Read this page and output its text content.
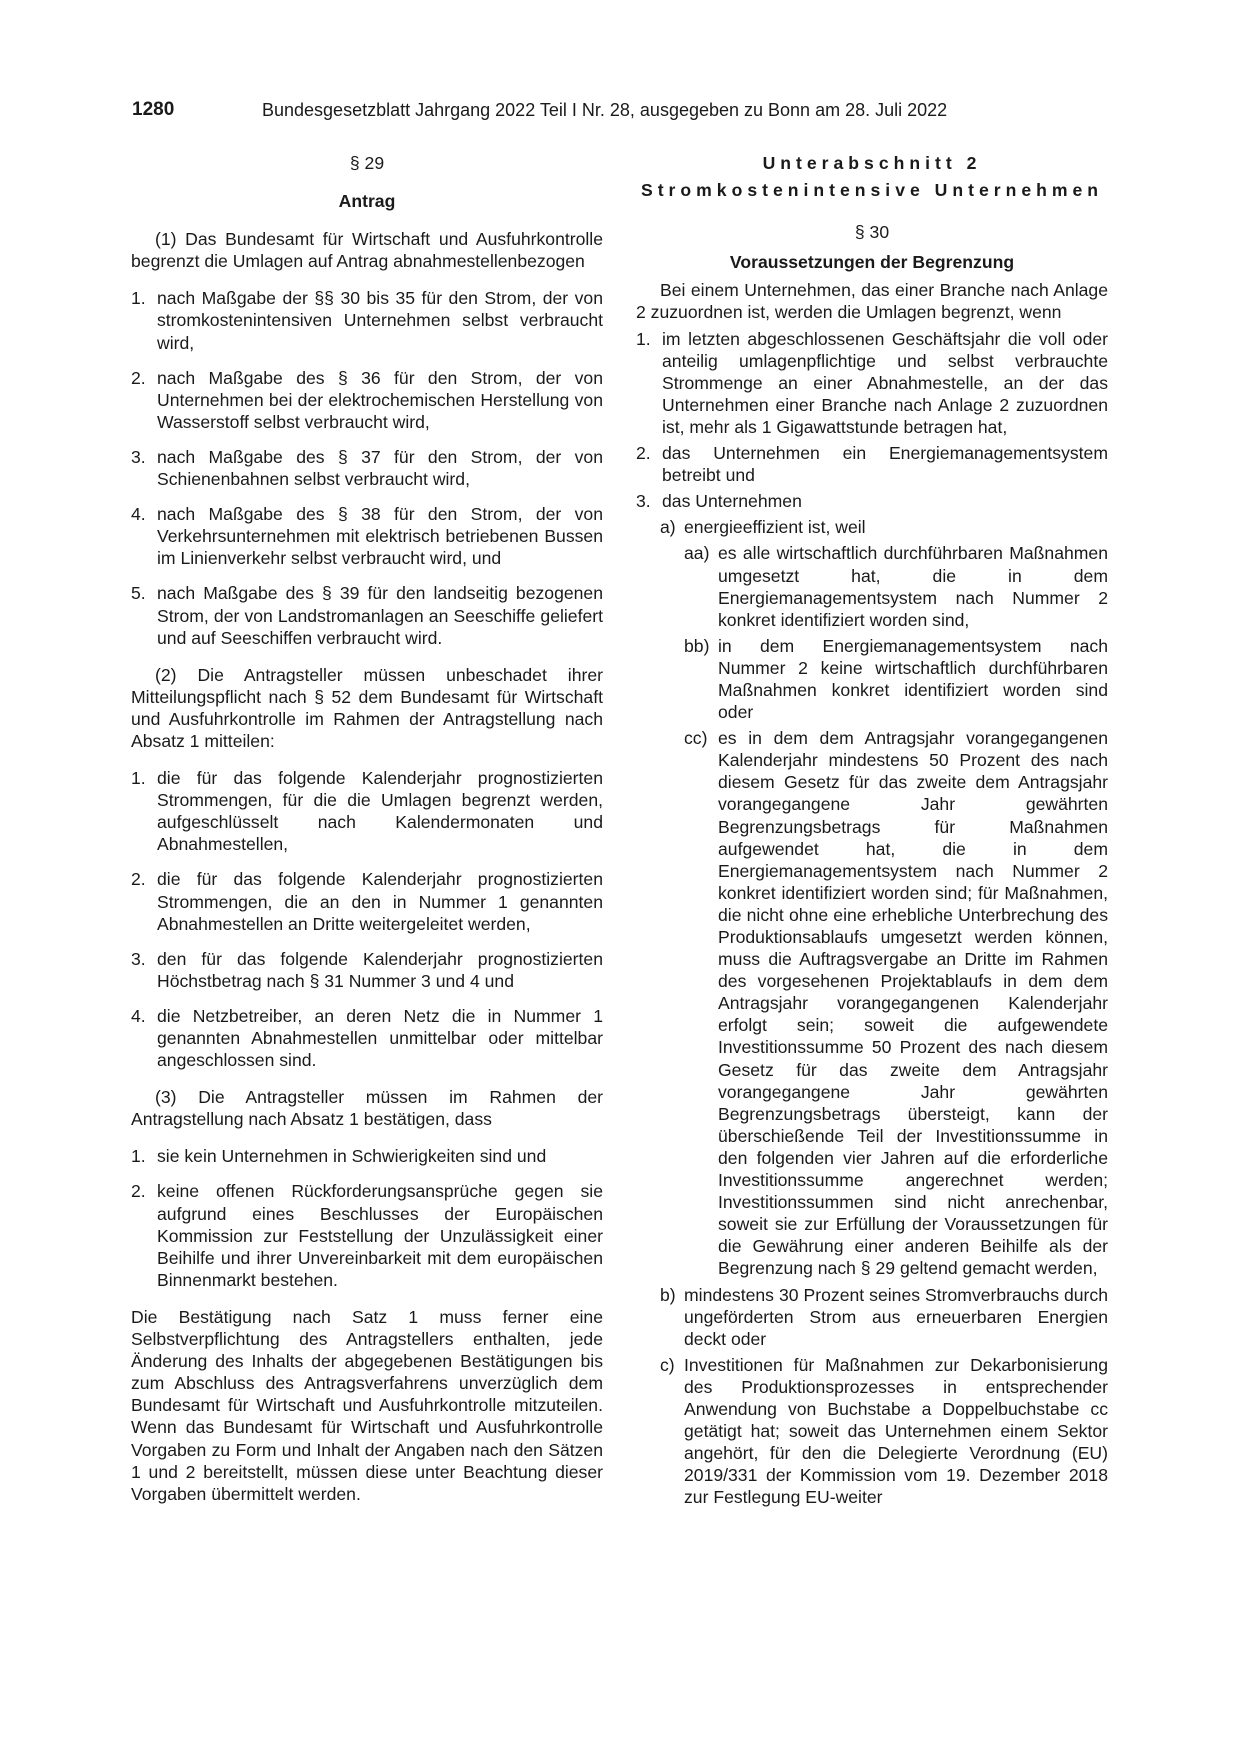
1280	Bundesgesetzblatt Jahrgang 2022 Teil I Nr. 28, ausgegeben zu Bonn am 28. Juli 2022

§ 29

Antrag

(1) Das Bundesamt für Wirtschaft und Ausfuhrkontrolle begrenzt die Umlagen auf Antrag abnahmestellenbezogen

1. nach Maßgabe der §§ 30 bis 35 für den Strom, der von stromkostenintensiven Unternehmen selbst verbraucht wird,
2. nach Maßgabe des § 36 für den Strom, der von Unternehmen bei der elektrochemischen Herstellung von Wasserstoff selbst verbraucht wird,
3. nach Maßgabe des § 37 für den Strom, der von Schienenbahnen selbst verbraucht wird,
4. nach Maßgabe des § 38 für den Strom, der von Verkehrsunternehmen mit elektrisch betriebenen Bussen im Linienverkehr selbst verbraucht wird, und
5. nach Maßgabe des § 39 für den landseitig bezogenen Strom, der von Landstromanlagen an Seeschiffe geliefert und auf Seeschiffen verbraucht wird.

(2) Die Antragsteller müssen unbeschadet ihrer Mitteilungspflicht nach § 52 dem Bundesamt für Wirtschaft und Ausfuhrkontrolle im Rahmen der Antragstellung nach Absatz 1 mitteilen:

1. die für das folgende Kalenderjahr prognostizierten Strommengen, für die die Umlagen begrenzt werden, aufgeschlüsselt nach Kalendermonaten und Abnahmestellen,
2. die für das folgende Kalenderjahr prognostizierten Strommengen, die an den in Nummer 1 genannten Abnahmestellen an Dritte weitergeleitet werden,
3. den für das folgende Kalenderjahr prognostizierten Höchstbetrag nach § 31 Nummer 3 und 4 und
4. die Netzbetreiber, an deren Netz die in Nummer 1 genannten Abnahmestellen unmittelbar oder mittelbar angeschlossen sind.

(3) Die Antragsteller müssen im Rahmen der Antragstellung nach Absatz 1 bestätigen, dass

1. sie kein Unternehmen in Schwierigkeiten sind und
2. keine offenen Rückforderungsansprüche gegen sie aufgrund eines Beschlusses der Europäischen Kommission zur Feststellung der Unzulässigkeit einer Beihilfe und ihrer Unvereinbarkeit mit dem europäischen Binnenmarkt bestehen.

Die Bestätigung nach Satz 1 muss ferner eine Selbstverpflichtung des Antragstellers enthalten, jede Änderung des Inhalts der abgegebenen Bestätigungen bis zum Abschluss des Antragsverfahrens unverzüglich dem Bundesamt für Wirtschaft und Ausfuhrkontrolle mitzuteilen. Wenn das Bundesamt für Wirtschaft und Ausfuhrkontrolle Vorgaben zu Form und Inhalt der Angaben nach den Sätzen 1 und 2 bereitstellt, müssen diese unter Beachtung dieser Vorgaben übermittelt werden.

Unterabschnitt 2

Stromkostenintensive Unternehmen

§ 30

Voraussetzungen der Begrenzung

Bei einem Unternehmen, das einer Branche nach Anlage 2 zuzuordnen ist, werden die Umlagen begrenzt, wenn

1. im letzten abgeschlossenen Geschäftsjahr die voll oder anteilig umlagenpflichtige und selbst verbrauchte Strommenge an einer Abnahmestelle, an der das Unternehmen einer Branche nach Anlage 2 zuzuordnen ist, mehr als 1 Gigawattstunde betragen hat,
2. das Unternehmen ein Energiemanagementsystem betreibt und
3. das Unternehmen
a) energieeffizient ist, weil
aa) es alle wirtschaftlich durchführbaren Maßnahmen umgesetzt hat, die in dem Energiemanagementsystem nach Nummer 2 konkret identifiziert worden sind,
bb) in dem Energiemanagementsystem nach Nummer 2 keine wirtschaftlich durchführbaren Maßnahmen konkret identifiziert worden sind oder
cc) es in dem dem Antragsjahr vorangegangenen Kalenderjahr mindestens 50 Prozent des nach diesem Gesetz für das zweite dem Antragsjahr vorangegangene Jahr gewährten Begrenzungsbetrags für Maßnahmen aufgewendet hat, die in dem Energiemanagementsystem nach Nummer 2 konkret identifiziert worden sind; für Maßnahmen, die nicht ohne eine erhebliche Unterbrechung des Produktionsablaufs umgesetzt werden können, muss die Auftragsvergabe an Dritte im Rahmen des vorgesehenen Projektablaufs in dem dem Antragsjahr vorangegangenen Kalenderjahr erfolgt sein; soweit die aufgewendete Investitionssumme 50 Prozent des nach diesem Gesetz für das zweite dem Antragsjahr vorangegangene Jahr gewährten Begrenzungsbetrags übersteigt, kann der überschießende Teil der Investitionssumme in den folgenden vier Jahren auf die erforderliche Investitionssumme angerechnet werden; Investitionssummen sind nicht anrechenbar, soweit sie zur Erfüllung der Voraussetzungen für die Gewährung einer anderen Beihilfe als der Begrenzung nach § 29 geltend gemacht werden,
b) mindestens 30 Prozent seines Stromverbrauchs durch ungeförderten Strom aus erneuerbaren Energien deckt oder
c) Investitionen für Maßnahmen zur Dekarbonisierung des Produktionsprozesses in entsprechender Anwendung von Buchstabe a Doppelbuchstabe cc getätigt hat; soweit das Unternehmen einem Sektor angehört, für den die Delegierte Verordnung (EU) 2019/331 der Kommission vom 19. Dezember 2018 zur Festlegung EU-weiter
